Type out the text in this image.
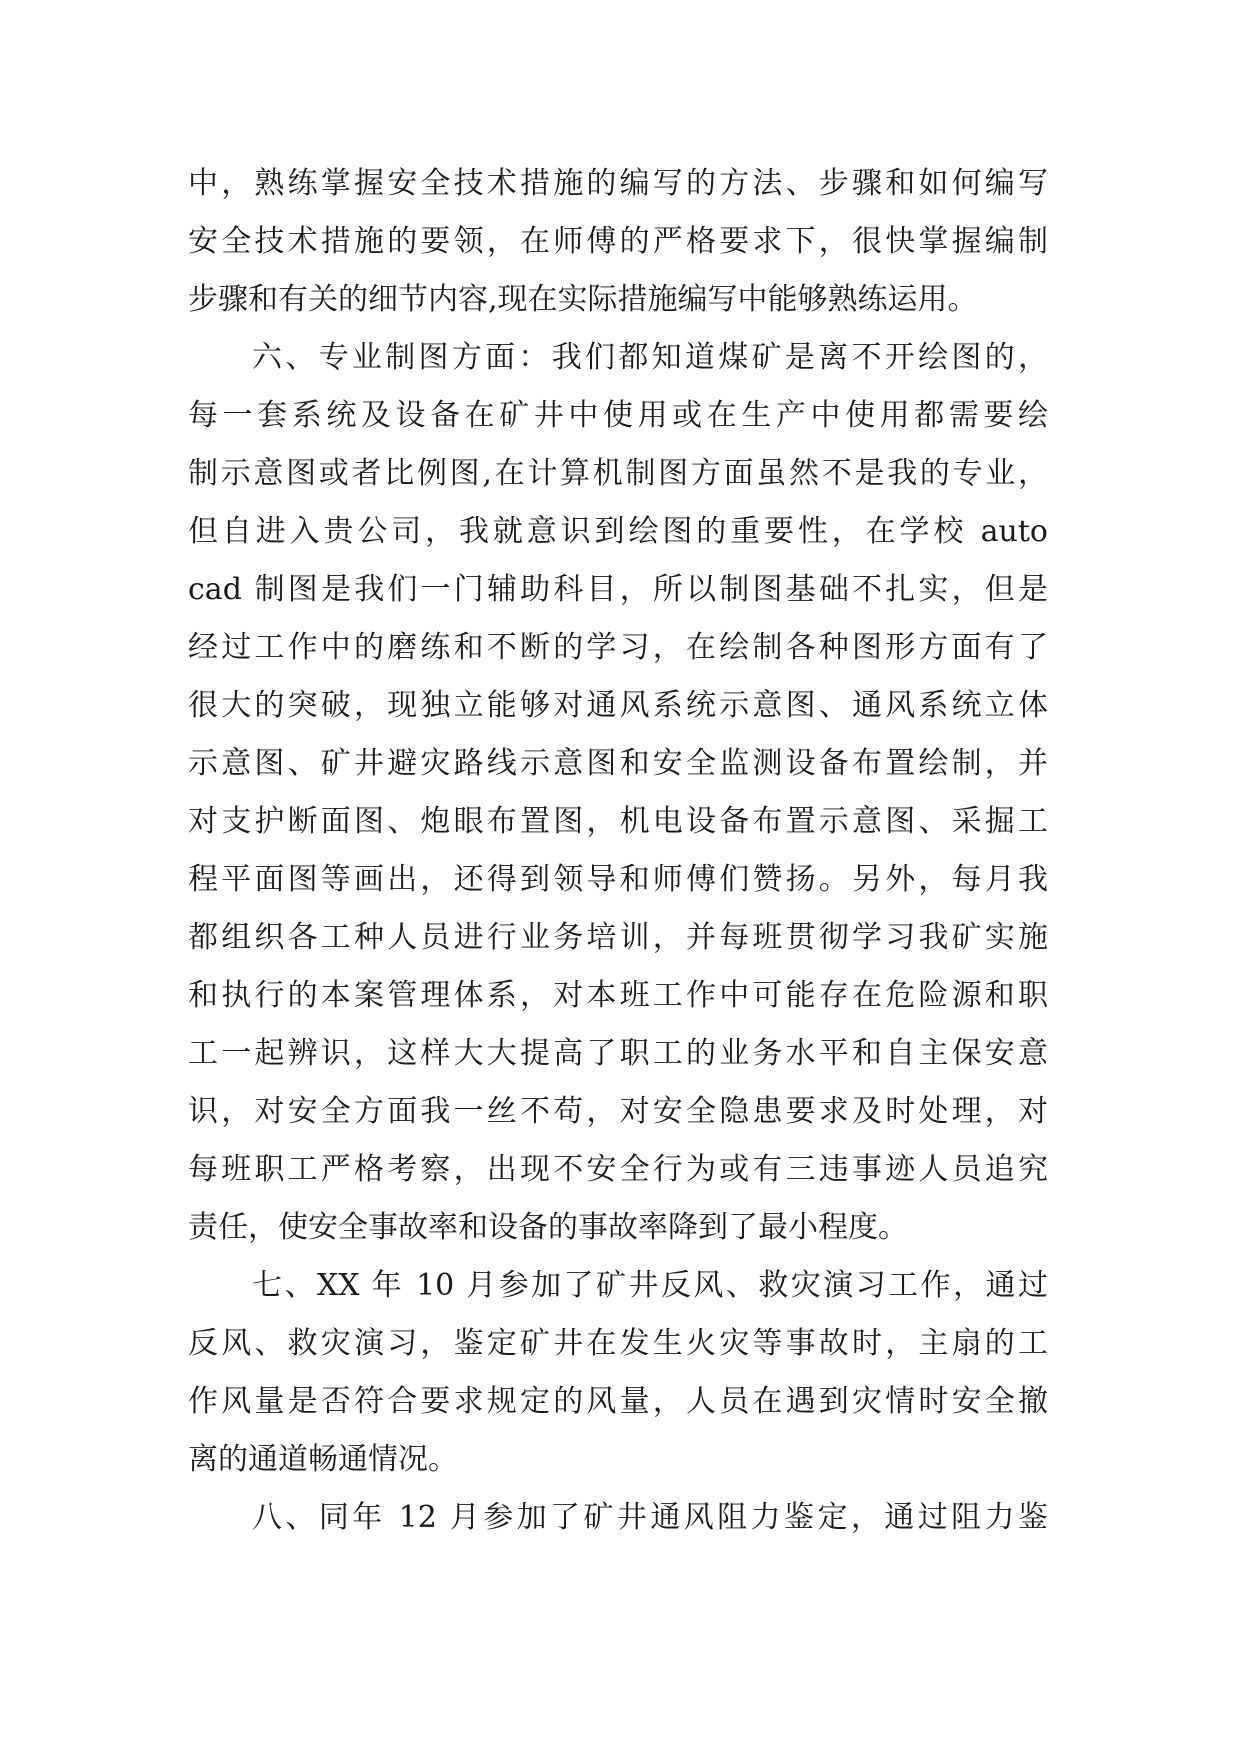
中，熟练掌握安全技术措施的编写的方法、步骤和如何编写
安全技术措施的要领，在师傅的严格要求下，很快掌握编制
步骤和有关的细节内容,现在实际措施编写中能够熟练运用。
六、专业制图方面：我们都知道煤矿是离不开绘图的，
每一套系统及设备在矿井中使用或在生产中使用都需要绘
制示意图或者比例图,在计算机制图方面虽然不是我的专业，
但自进入贵公司，我就意识到绘图的重要性，在学校 auto
cad 制图是我们一门辅助科目，所以制图基础不扎实，但是
经过工作中的磨练和不断的学习，在绘制各种图形方面有了
很大的突破，现独立能够对通风系统示意图、通风系统立体
示意图、矿井避灾路线示意图和安全监测设备布置绘制，并
对支护断面图、炮眼布置图，机电设备布置示意图、采掘工
程平面图等画出，还得到领导和师傅们赞扬。另外，每月我
都组织各工种人员进行业务培训，并每班贯彻学习我矿实施
和执行的本案管理体系，对本班工作中可能存在危险源和职
工一起辨识，这样大大提高了职工的业务水平和自主保安意
识，对安全方面我一丝不苟，对安全隐患要求及时处理，对
每班职工严格考察，出现不安全行为或有三违事迹人员追究
责任，使安全事故率和设备的事故率降到了最小程度。
七、XX 年 10 月参加了矿井反风、救灾演习工作，通过
反风、救灾演习，鉴定矿井在发生火灾等事故时，主扇的工
作风量是否符合要求规定的风量，人员在遇到灾情时安全撤
离的通道畅通情况。
八、同年 12 月参加了矿井通风阻力鉴定，通过阻力鉴
